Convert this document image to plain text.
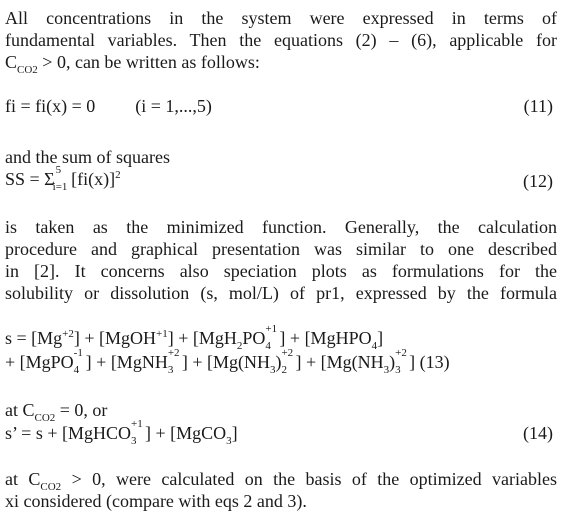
All concentrations in the system were expressed in terms of
fundamental variables. Then the equations (2) – (6), applicable for
$C_{CO2} > 0$, can be written as follows:
fi = fi(x) = 0 (i = 1,...,5)	(11)
and the sum of squares
SS = Σ 5
i=1 $[fi(x)]^2$	(12)
is taken as the minimized function. Generally, the calculation
procedure and graphical presentation was similar to one described
in [2]. It concerns also speciation plots as formulations for the
solubility or dissolution (s, mol/L) of pr1, expressed by the formula
$s = [Mg^{+2}]$ + [MgOH$^{+1}$] + [MgH$_2$PO +1
4 ] + [MgHPO$_4$]
+ [MgPO -1
4 ] + [MgNH +2
3 ] + [$Mg(NH_3) +2$
2 ] + [$Mg(NH_3) +2$
3 ] (13)
at $C_{CO2} = 0$, or
s’ = s + [MgHCO +1
3 ] + [MgCO$_3$]	(14)
at $C_{CO2} > 0$, were calculated on the basis of the optimized variables
xi considered (compare with eqs 2 and 3).
